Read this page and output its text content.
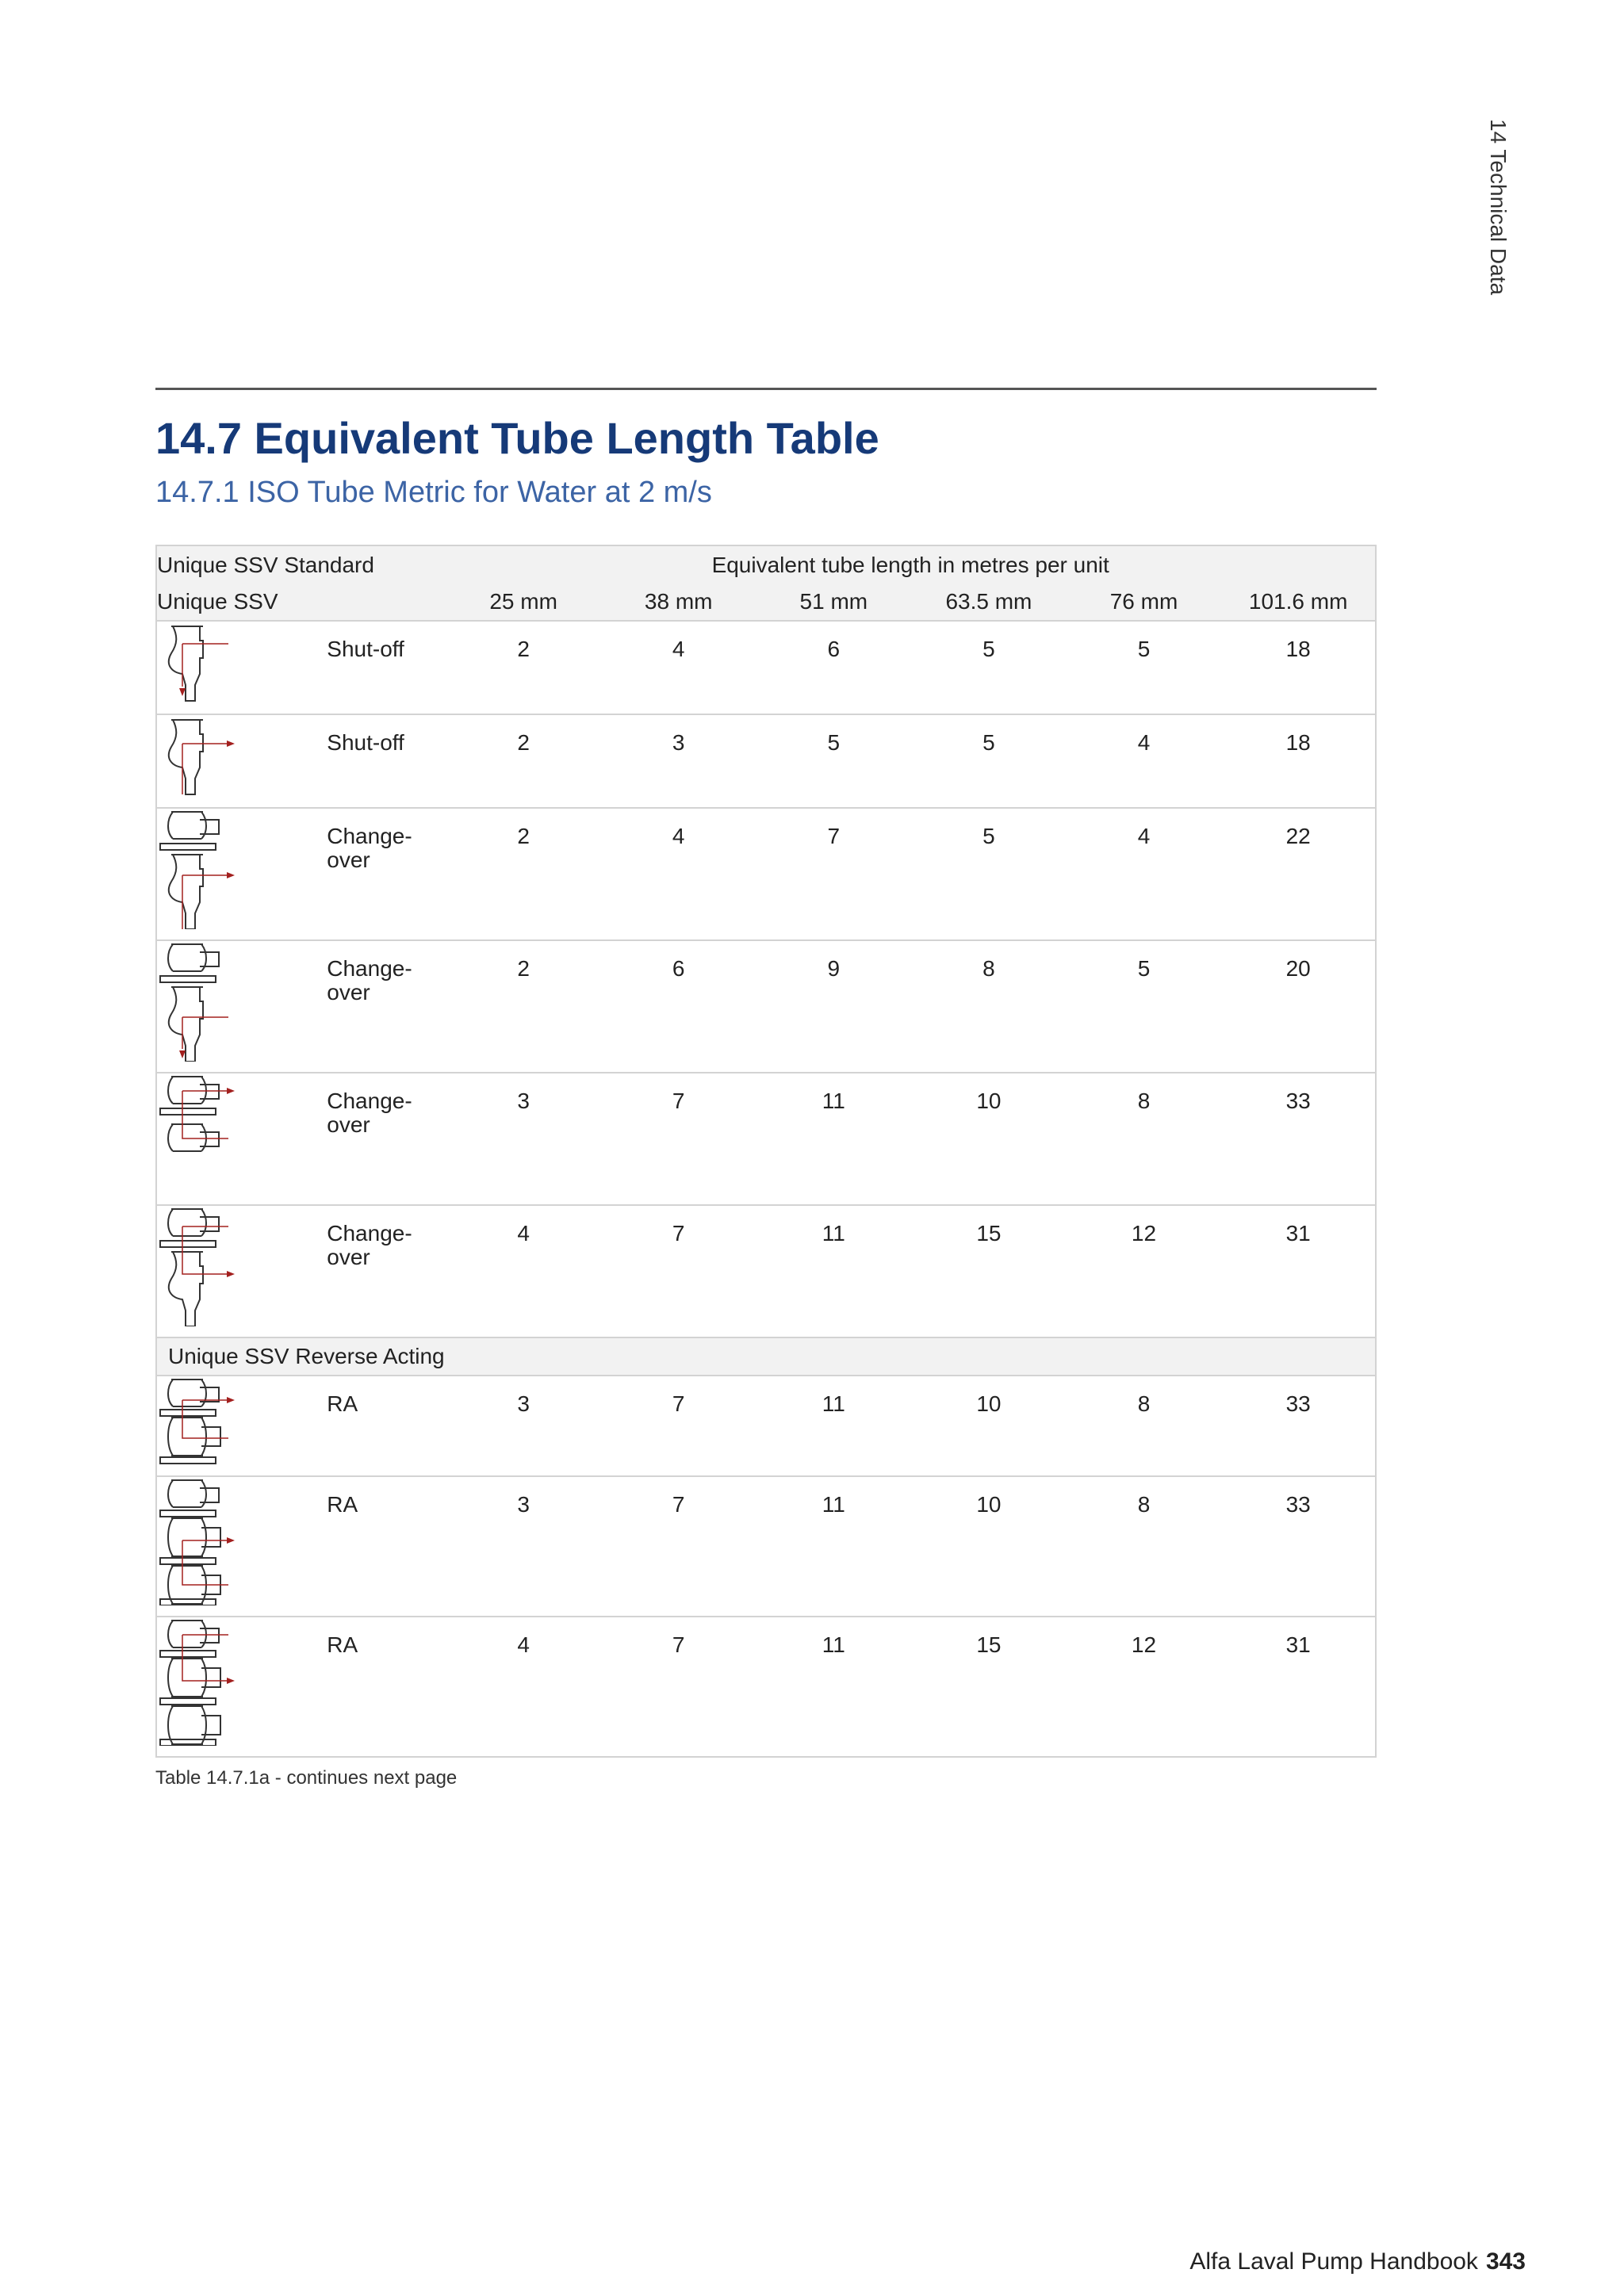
14 Technical Data
14.7 Equivalent Tube Length Table
14.7.1 ISO Tube Metric for Water at 2 m/s
Unique SSV Standard		Equivalent tube length in metres per unit					
Unique SSV		25 mm	38 mm	51 mm	63.5 mm	76 mm	101.6 mm

	Shut-off	2	4	6	5	5	18

	Shut-off	2	3	5	5	4	18

	Change-over	2	4	7	5	4	22

	Change-over	2	6	9	8	5	20

	Change-over	3	7	11	10	8	33

	Change-over	4	7	11	15	12	31
Unique SSV Reverse Acting							

	RA	3	7	11	10	8	33

	RA	3	7	11	10	8	33

	RA	4	7	11	15	12	31
Table 14.7.1a - continues next page
Alfa Laval Pump Handbook 343
